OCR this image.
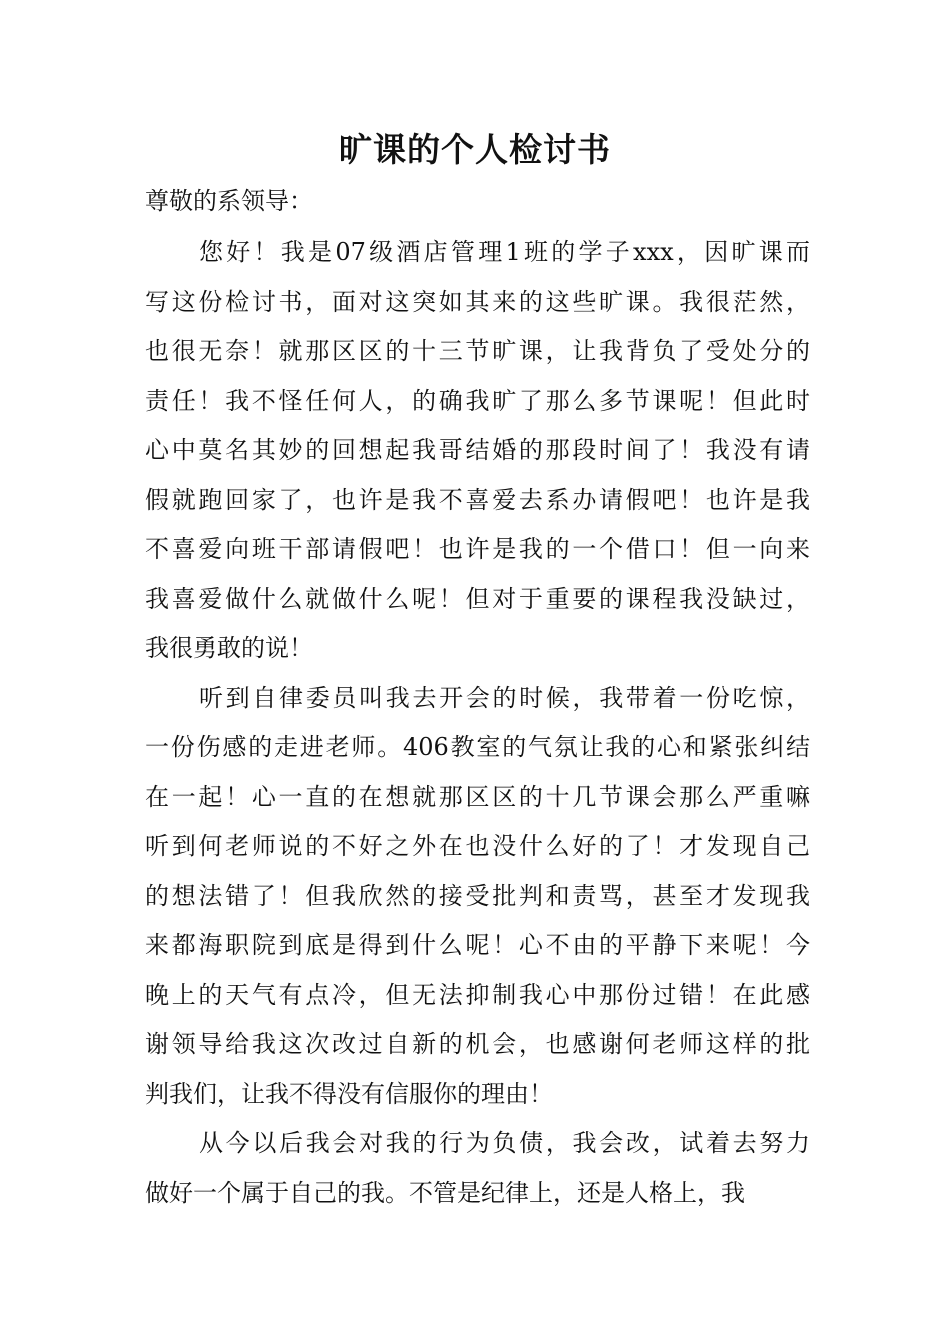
旷课的个人检讨书

尊敬的系领导：

您好！我是07级酒店管理1班的学子xxx，因旷课而
写这份检讨书，面对这突如其来的这些旷课。我很茫然，
也很无奈！就那区区的十三节旷课，让我背负了受处分的
责任！我不怪任何人，的确我旷了那么多节课呢！但此时
心中莫名其妙的回想起我哥结婚的那段时间了！我没有请
假就跑回家了，也许是我不喜爱去系办请假吧！也许是我
不喜爱向班干部请假吧！也许是我的一个借口！但一向来
我喜爱做什么就做什么呢！但对于重要的课程我没缺过，
我很勇敢的说！

听到自律委员叫我去开会的时候，我带着一份吃惊，
一份伤感的走进老师。406教室的气氛让我的心和紧张纠结
在一起！心一直的在想就那区区的十几节课会那么严重嘛
听到何老师说的不好之外在也没什么好的了！才发现自己
的想法错了！但我欣然的接受批判和责骂，甚至才发现我
来都海职院到底是得到什么呢！心不由的平静下来呢！今
晚上的天气有点冷，但无法抑制我心中那份过错！在此感
谢领导给我这次改过自新的机会，也感谢何老师这样的批
判我们，让我不得没有信服你的理由！

从今以后我会对我的行为负债，我会改，试着去努力
做好一个属于自己的我。不管是纪律上，还是人格上，我
